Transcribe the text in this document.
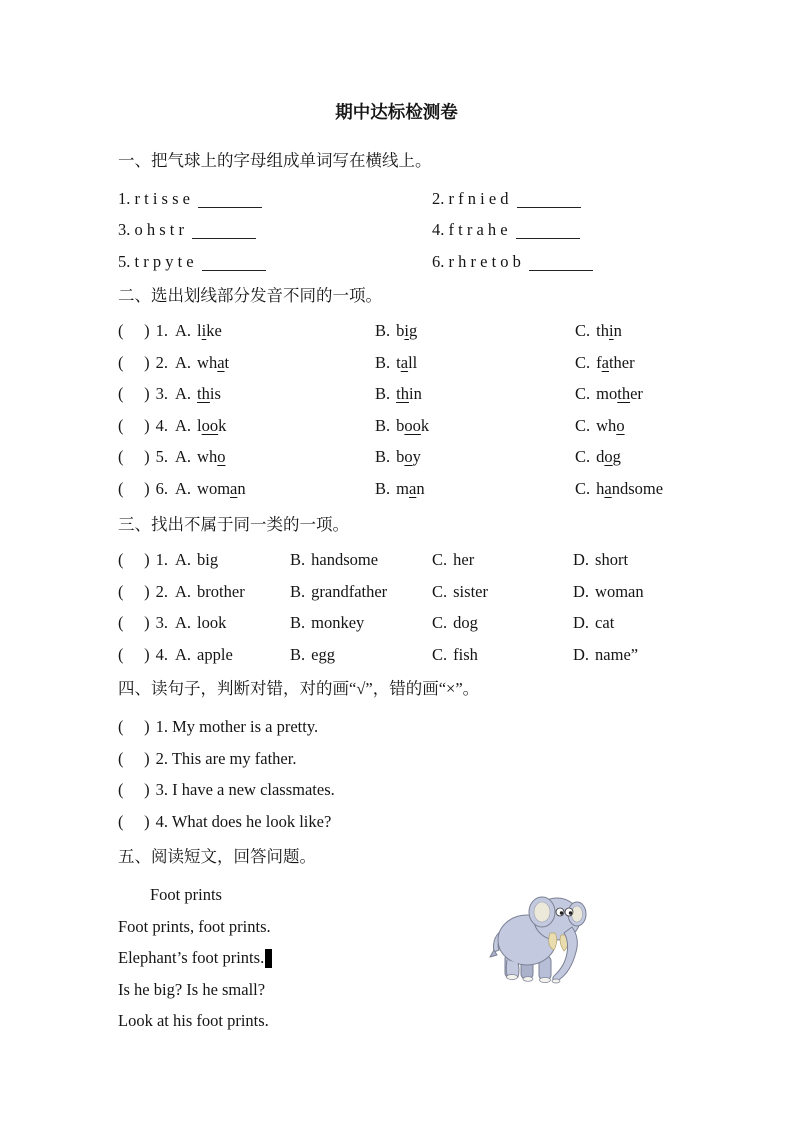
期中达标检测卷
一、把气球上的字母组成单词写在横线上。
1. r t i s s e	2. r f n i e d
3. o h s t r	4. f t r a h e
5. t r p y t e	6. r h r e t o b
二、选出划线部分发音不同的一项。
(  ) 1. A. like	B. big	C. thin
(  ) 2. A. what	B. tall	C. father
(  ) 3. A. this	B. thin	C. mother
(  ) 4. A. look	B. book	C. who
(  ) 5. A. who	B. boy	C. dog
(  ) 6. A. woman	B. man	C. handsome
三、找出不属于同一类的一项。
(  ) 1. A. big	B. handsome	C. her	D. short
(  ) 2. A. brother	B. grandfather	C. sister	D. woman
(  ) 3. A. look	B. monkey	C. dog	D. cat
(  ) 4. A. apple	B. egg	C. fish	D. name”
四、读句子，判断对错，对的画“√”，错的画“×”。
(  ) 1. My mother is a pretty.
(  ) 2. This are my father.
(  ) 3. I have a new classmates.
(  ) 4. What does he look like?
五、阅读短文，回答问题。

Foot prints

Foot prints, foot prints.

Elephant’s foot prints.

Is he big? Is he small?

Look at his foot prints.
